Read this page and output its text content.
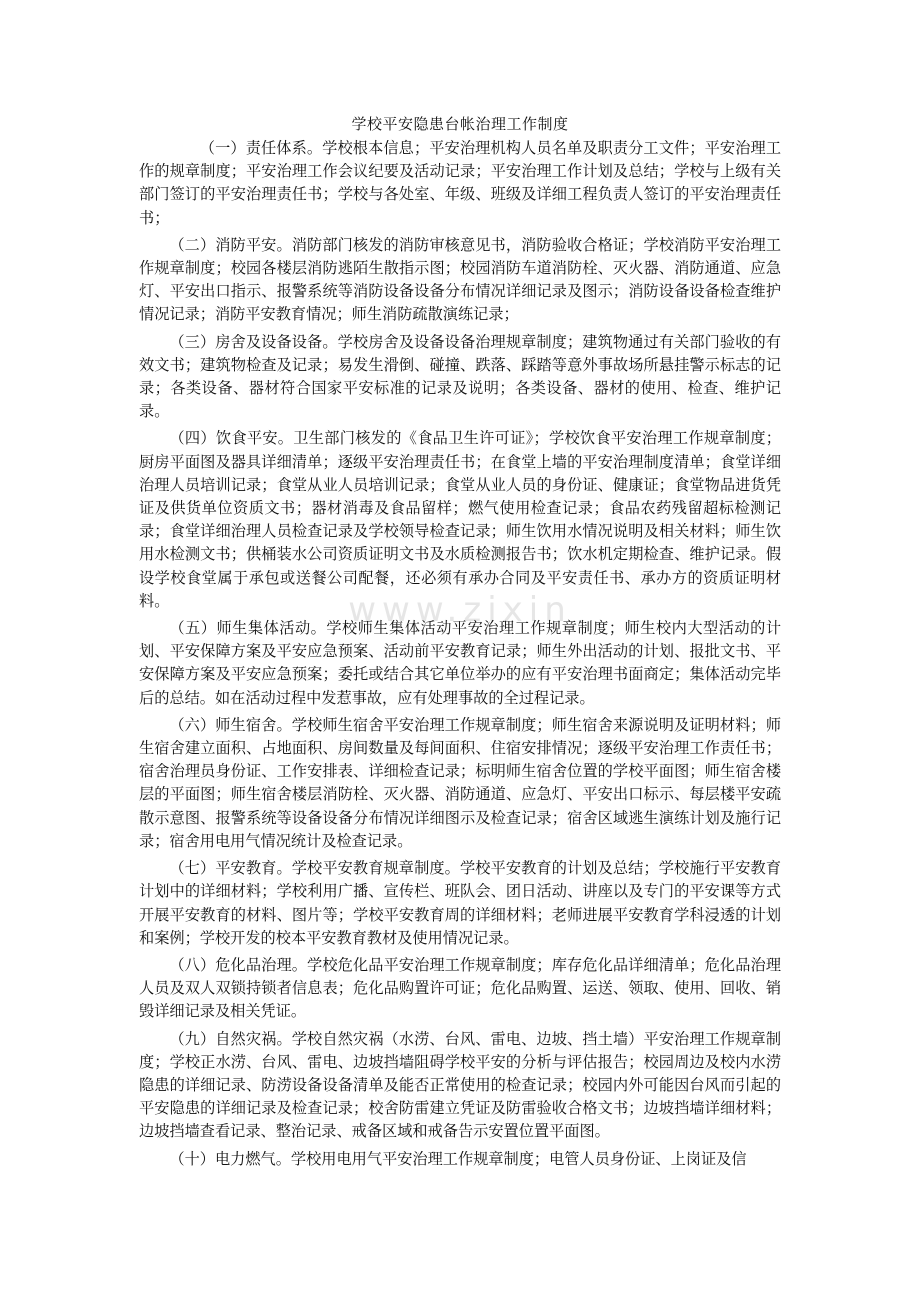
www.zixin
学校平安隐患台帐治理工作制度

（一）责任体系。学校根本信息；平安治理机构人员名单及职责分工文件；平安治理工作的规章制度；平安治理工作会议纪要及活动记录；平安治理工作计划及总结；学校与上级有关部门签订的平安治理责任书；学校与各处室、年级、班级及详细工程负责人签订的平安治理责任书；

（二）消防平安。消防部门核发的消防审核意见书，消防验收合格证；学校消防平安治理工作规章制度；校园各楼层消防逃陌生散指示图；校园消防车道消防栓、灭火器、消防通道、应急灯、平安出口指示、报警系统等消防设备设备分布情况详细记录及图示；消防设备设备检查维护情况记录；消防平安教育情况；师生消防疏散演练记录；

（三）房舍及设备设备。学校房舍及设备设备治理规章制度；建筑物通过有关部门验收的有效文书；建筑物检查及记录；易发生滑倒、碰撞、跌落、踩踏等意外事故场所悬挂警示标志的记录；各类设备、器材符合国家平安标准的记录及说明；各类设备、器材的使用、检查、维护记录。

（四）饮食平安。卫生部门核发的《食品卫生许可证》；学校饮食平安治理工作规章制度；厨房平面图及器具详细清单；逐级平安治理责任书；在食堂上墙的平安治理制度清单；食堂详细治理人员培训记录；食堂从业人员培训记录；食堂从业人员的身份证、健康证；食堂物品进货凭证及供货单位资质文书；器材消毒及食品留样；燃气使用检查记录；食品农药残留超标检测记录；食堂详细治理人员检查记录及学校领导检查记录；师生饮用水情况说明及相关材料；师生饮用水检测文书；供桶装水公司资质证明文书及水质检测报告书；饮水机定期检查、维护记录。假设学校食堂属于承包或送餐公司配餐，还必须有承办合同及平安责任书、承办方的资质证明材料。

（五）师生集体活动。学校师生集体活动平安治理工作规章制度；师生校内大型活动的计划、平安保障方案及平安应急预案、活动前平安教育记录；师生外出活动的计划、报批文书、平安保障方案及平安应急预案；委托或结合其它单位举办的应有平安治理书面商定；集体活动完毕后的总结。如在活动过程中发惹事故，应有处理事故的全过程记录。

（六）师生宿舍。学校师生宿舍平安治理工作规章制度；师生宿舍来源说明及证明材料；师生宿舍建立面积、占地面积、房间数量及每间面积、住宿安排情况；逐级平安治理工作责任书；宿舍治理员身份证、工作安排表、详细检查记录；标明师生宿舍位置的学校平面图；师生宿舍楼层的平面图；师生宿舍楼层消防栓、灭火器、消防通道、应急灯、平安出口标示、每层楼平安疏散示意图、报警系统等设备设备分布情况详细图示及检查记录；宿舍区域逃生演练计划及施行记录；宿舍用电用气情况统计及检查记录。

（七）平安教育。学校平安教育规章制度。学校平安教育的计划及总结；学校施行平安教育计划中的详细材料；学校利用广播、宣传栏、班队会、团日活动、讲座以及专门的平安课等方式开展平安教育的材料、图片等；学校平安教育周的详细材料；老师进展平安教育学科浸透的计划和案例；学校开发的校本平安教育教材及使用情况记录。

（八）危化品治理。学校危化品平安治理工作规章制度；库存危化品详细清单；危化品治理人员及双人双锁持锁者信息表；危化品购置许可证；危化品购置、运送、领取、使用、回收、销毁详细记录及相关凭证。

（九）自然灾祸。学校自然灾祸（水涝、台风、雷电、边坡、挡土墙）平安治理工作规章制度；学校正水涝、台风、雷电、边坡挡墙阻碍学校平安的分析与评估报告；校园周边及校内水涝隐患的详细记录、防涝设备设备清单及能否正常使用的检查记录；校园内外可能因台风而引起的平安隐患的详细记录及检查记录；校舍防雷建立凭证及防雷验收合格文书；边坡挡墙详细材料；边坡挡墙查看记录、整治记录、戒备区域和戒备告示安置位置平面图。

（十）电力燃气。学校用电用气平安治理工作规章制度；电管人员身份证、上岗证及信
